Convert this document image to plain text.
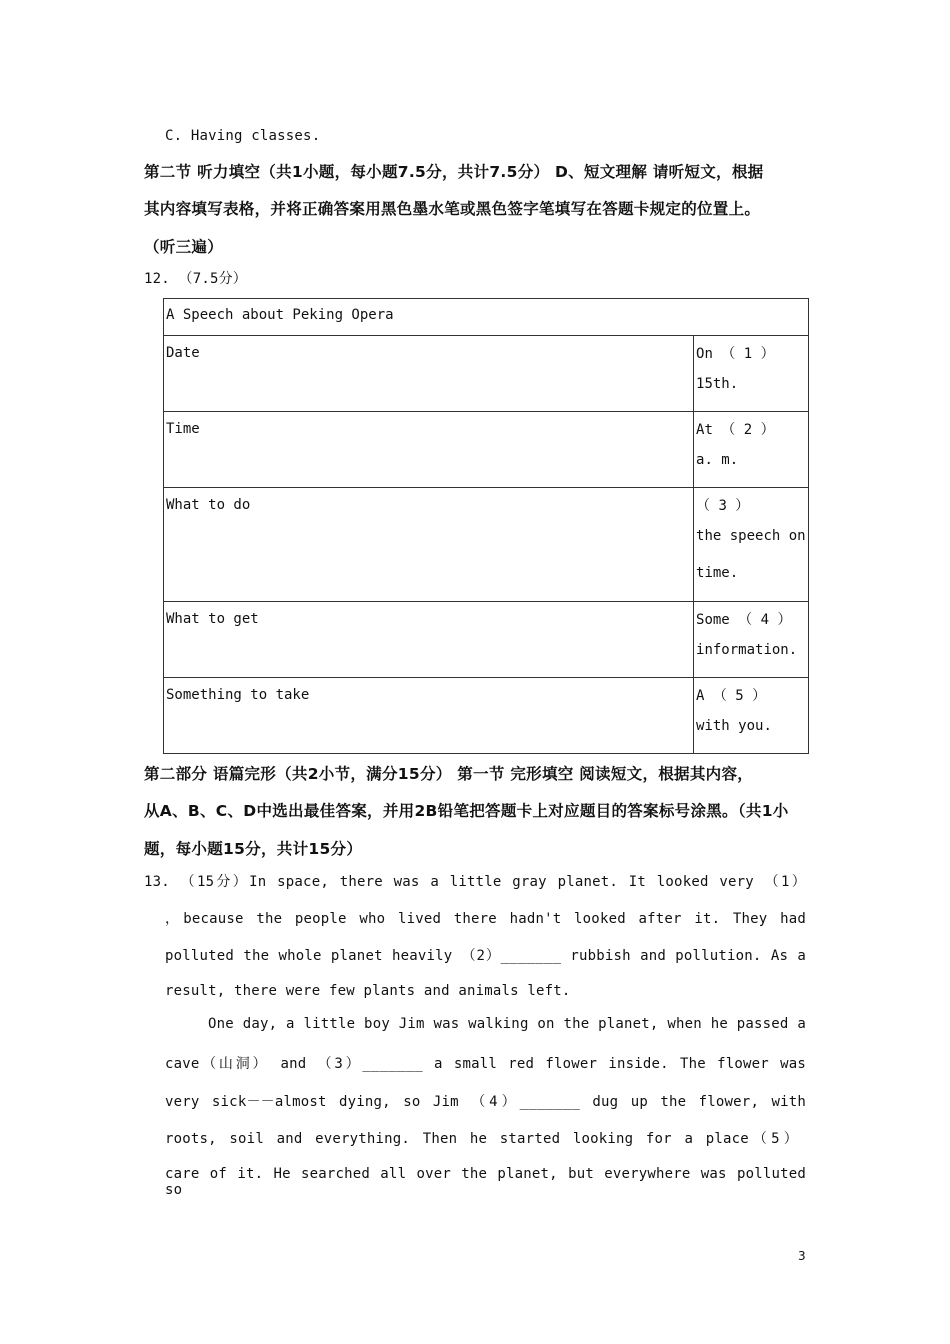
C. Having classes.
第二节 听力填空（共1小题，每小题7.5分，共计7.5分） D、短文理解 请听短文，根据
其内容填写表格，并将正确答案用黑色墨水笔或黑色签字笔填写在答题卡规定的位置上。
（听三遍）
12. （7.5分）
A Speech about Peking Opera	
Date	On （ 1 ）
15th.

Time	At （ 2 ）
a. m.

What to do	（ 3 ）
the speech on
time.

What to get	Some （ 4 ）
information.

Something to take	A （ 5 ）
with you.
第二部分 语篇完形（共2小节，满分15分） 第一节 完形填空 阅读短文，根据其内容，
从A、B、C、D中选出最佳答案，并用2B铅笔把答题卡上对应题目的答案标号涂黑。（共1小
题，每小题15分，共计15分）
13. （15分）In space, there was a little gray planet. It looked very （1）
，because the people who lived there hadn't looked after it. They had
polluted the whole planet heavily （2）_______ rubbish and pollution. As a
result, there were few plants and animals left.
One day, a little boy Jim was walking on the planet, when he passed a
cave（山洞） and （3）_______ a small red flower inside. The flower was
very sick－－almost dying, so Jim （4）_______ dug up the flower, with
roots, soil and everything. Then he started looking for a place（5）
care of it. He searched all over the planet, but everywhere was polluted so
3
